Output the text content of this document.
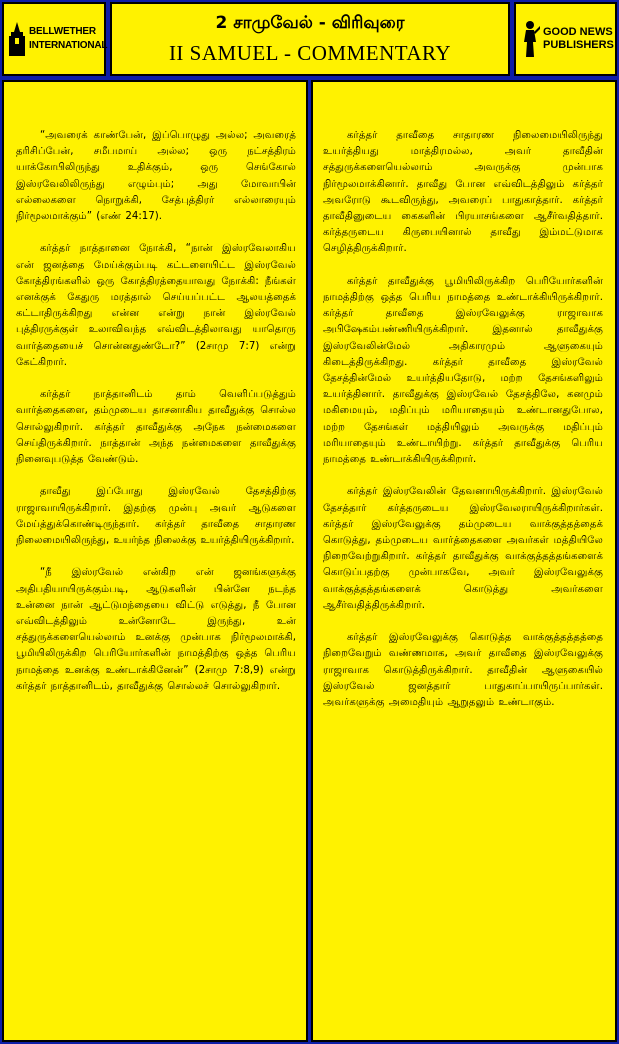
BELLWETHER
INTERNATIONAL
2 சாமுவேல் - விரிவுரை
II SAMUEL - COMMENTARY
GOOD NEWS
PUBLISHERS

“அவரைக் காண்பேன், இப்பொழுது அல்ல; அவரைத் தரிசிப்பேன், சமீபமாய் அல்ல; ஒரு நட்சத்திரம் யாக்கோபிலிருந்து உதிக்கும், ஒரு செங்கோல் இஸ்ரவேலிலிருந்து எழும்பும்; அது மோவாபின் எல்லைகளை நொறுக்கி, சேத்புத்திரர் எல்லாரையும் நிர்மூலமாக்கும்” (எண் 24:17).

கர்த்தர் நாத்தானை நோக்கி, “நான் இஸ்ரவேலாகிய என் ஜனத்தை மேய்க்கும்படி கட்டளையிட்ட இஸ்ரவேல் கோத்திரங்களில் ஒரு கோத்திரத்தையாவது நோக்கி: நீங்கள் எனக்குக் கேதுரு மரத்தால் செய்யப்பட்ட ஆலயத்தைக் கட்டாதிருக்கிறது என்ன என்று நான் இஸ்ரவேல் புத்திரருக்குள் உலாவிவந்த எவ்விடத்திலாவது யாதொரு வார்த்தையைச் சொன்னதுண்டோ?” (2சாமு 7:7) என்று கேட்கிறார்.

கர்த்தர் நாத்தானிடம் தாம் வெளிப்படுத்தும் வார்த்தைகளை, தம்முடைய தாசனாகிய தாவீதுக்கு சொல்ல சொல்லுகிறார். கர்த்தர் தாவீதுக்கு அநேக நன்மைகளை செய்திருக்கிறார். நாத்தான் அந்த நன்மைகளை தாவீதுக்கு நினைவுபடுத்த வேண்டும்.

தாவீது இப்போது இஸ்ரவேல் தேசத்திற்கு ராஜாவாயிருக்கிறார். இதற்கு முன்பு அவர் ஆடுகளை மேய்த்துக்கொண்டிருந்தார். கர்த்தர் தாவீதை சாதாரண நிலைமையிலிருந்து, உயர்ந்த நிலைக்கு உயர்த்தியிருக்கிறார்.

“நீ இஸ்ரவேல் என்கிற என் ஜனங்களுக்கு அதிபதியாயிருக்கும்படி, ஆடுகளின் பின்னே நடந்த உன்னை நான் ஆட்டுமந்தையை விட்டு எடுத்து, நீ போன எவ்விடத்திலும் உன்னோடே இருந்து, உன் சத்துருக்களையெல்லாம் உனக்கு முன்பாக நிர்மூலமாக்கி, பூமியிலிருக்கிற பெரியோர்களின் நாமத்திற்கு ஒத்த பெரிய நாமத்தை உனக்கு உண்டாக்கினேன்” (2சாமு 7:8,9) என்று கர்த்தர் நாத்தானிடம், தாவீதுக்கு சொல்லச் சொல்லுகிறார்.

கர்த்தர் தாவீதை சாதாரண நிலைமையிலிருந்து உயர்த்தியது மாத்திரமல்ல, அவர் தாவீதின் சத்துருக்களையெல்லாம் அவருக்கு முன்பாக நிர்மூலமாக்கினார். தாவீது போன எவ்விடத்திலும் கர்த்தர் அவரோடு கூடவிருந்து, அவரைப் பாதுகாத்தார். கர்த்தர் தாவீதினுடைய கைகளின் பிரயாசங்களை ஆசீர்வதித்தார். கர்த்தருடைய கிருபையினால் தாவீது இம்மட்டுமாக செழித்திருக்கிறார்.

கர்த்தர் தாவீதுக்கு பூமியிலிருக்கிற பெரியோர்களின் நாமத்திற்கு ஒத்த பெரிய நாமத்தை உண்டாக்கியிருக்கிறார். கர்த்தர் தாவீதை இஸ்ரவேலுக்கு ராஜாவாக அபிஷேகம்பண்ணியிருக்கிறார். இதனால் தாவீதுக்கு இஸ்ரவேலின்மேல் அதிகாரமும் ஆளுகையும் கிடைத்திருக்கிறது. கர்த்தர் தாவீதை இஸ்ரவேல் தேசத்தின்மேல் உயர்த்தியதோடு, மற்ற தேசங்களிலும் உயர்த்தினார். தாவீதுக்கு இஸ்ரவேல் தேசத்திலே, கனமும் மகிமையும், மதிப்பும் மரியாதையும் உண்டானதுபோல, மற்ற தேசங்கள் மத்தியிலும் அவருக்கு மதிப்பும் மரியாதையும் உண்டாயிற்று. கர்த்தர் தாவீதுக்கு பெரிய நாமத்தை உண்டாக்கியிருக்கிறார்.

கர்த்தர் இஸ்ரவேலின் தேவனாயிருக்கிறார். இஸ்ரவேல் தேசத்தார் கர்த்தருடைய இஸ்ரவேலராயிருக்கிறார்கள். கர்த்தர் இஸ்ரவேலுக்கு தம்முடைய வாக்குத்தத்தைக் கொடுத்து, தம்முடைய வார்த்தைகளை அவர்கள் மத்தியிலே நிறைவேற்றுகிறார். கர்த்தர் தாவீதுக்கு வாக்குத்தத்தங்களைக் கொடுப்பதற்கு முன்பாகவே, அவர் இஸ்ரவேலுக்கு வாக்குத்தத்தங்களைக் கொடுத்து அவர்களை ஆசீர்வதித்திருக்கிறார்.

கர்த்தர் இஸ்ரவேலுக்கு கொடுத்த வாக்குத்தத்தத்தை நிறைவேறும் வண்ணமாக, அவர் தாவீதை இஸ்ரவேலுக்கு ராஜாவாக கொடுத்திருக்கிறார். தாவீதின் ஆளுகையில் இஸ்ரவேல் ஜனத்தார் பாதுகாப்பாயிருப்பார்கள். அவர்களுக்கு அமைதியும் ஆறுதலும் உண்டாகும்.
